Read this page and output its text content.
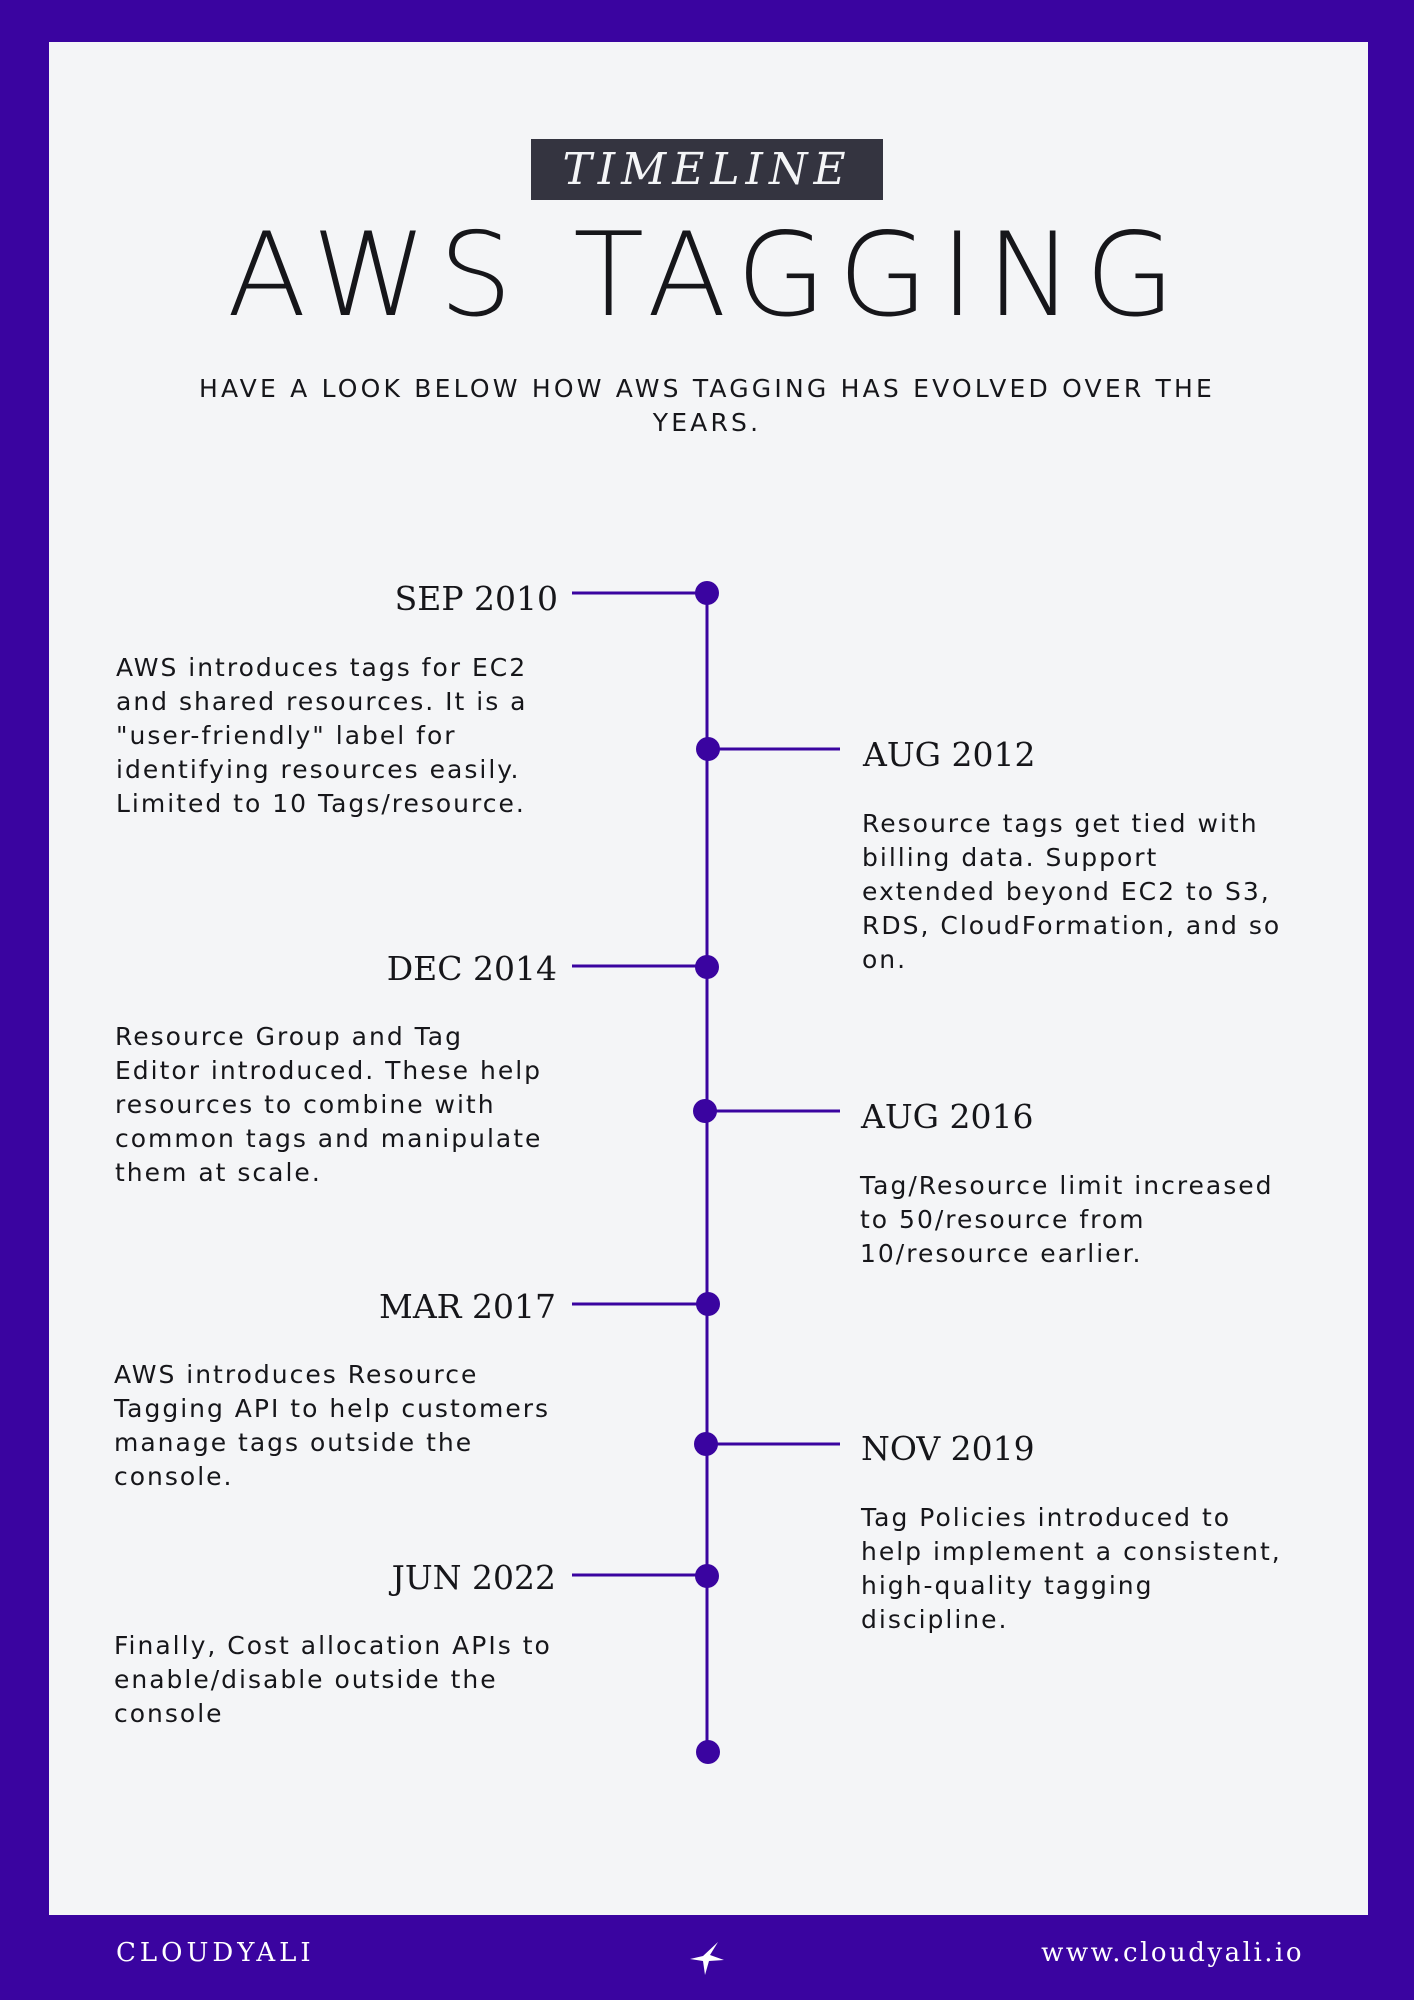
TIMELINE
AWS TAGGING
HAVE A LOOK BELOW HOW AWS TAGGING HAS EVOLVED OVER THE YEARS.
SEP 2010
AWS introduces tags for EC2 and shared resources. It is a "user-friendly" label for identifying resources easily. Limited to 10 Tags/resource.
AUG 2012
Resource tags get tied with billing data. Support extended beyond EC2 to S3, RDS, CloudFormation, and so on.
DEC 2014
Resource Group and Tag Editor introduced. These help resources to combine with common tags and manipulate them at scale.
AUG 2016
Tag/Resource limit increased to 50/resource from 10/resource earlier.
MAR 2017
AWS introduces Resource Tagging API to help customers manage tags outside the console.
NOV 2019
Tag Policies introduced to help implement a consistent, high-quality tagging discipline.
JUN 2022
Finally, Cost allocation APIs to enable/disable outside the console
CLOUDYALI	www.cloudyali.io
